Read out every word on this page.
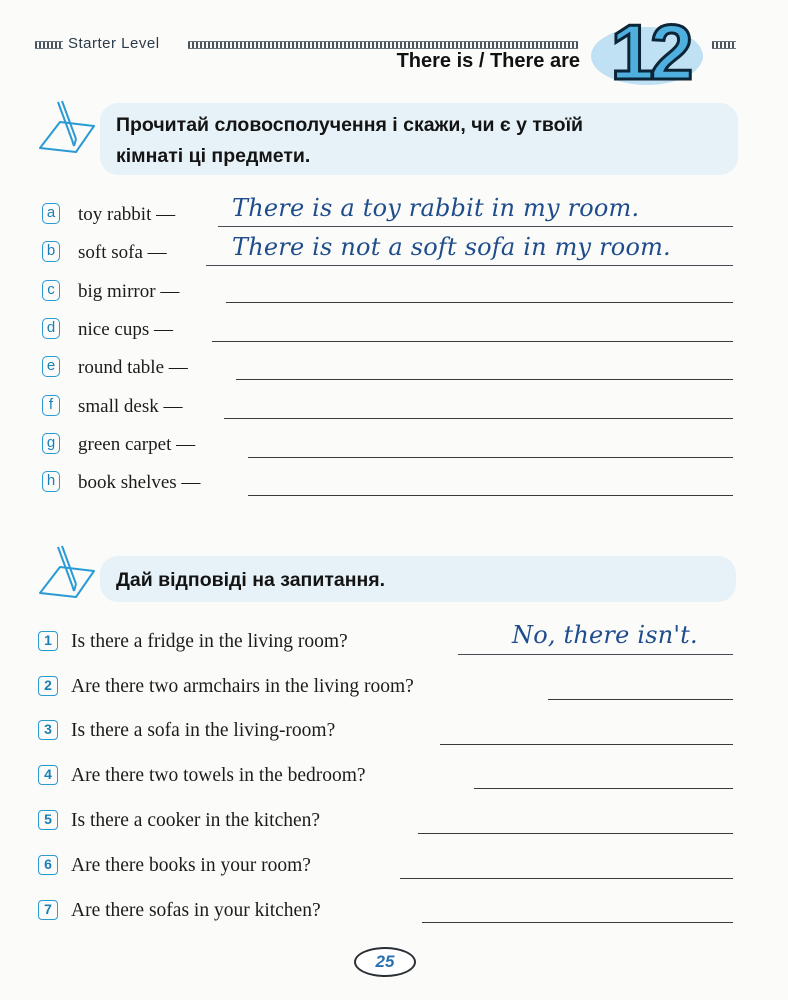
Starter Level
There is / There are 12
Прочитай словосполучення і скажи, чи є у твоїй
кімнаті ці предмети.
a toy rabbit — There is a toy rabbit in my room.
b soft sofa —	There is not a soft sofa in my room.
c big mirror —
d nice cups —
e round table —
f	small desk —
g green carpet —
h book shelves —
Дай відповіді на запитання.
1 Is there a fridge in the living room?	No, there isn't.
2 Are there two armchairs in the living room?
3 Is there a sofa in the living-room?
4 Are there two towels in the bedroom?
5 Is there a cooker in the kitchen?
6 Are there books in your room?
7 Are there sofas in your kitchen?
25
